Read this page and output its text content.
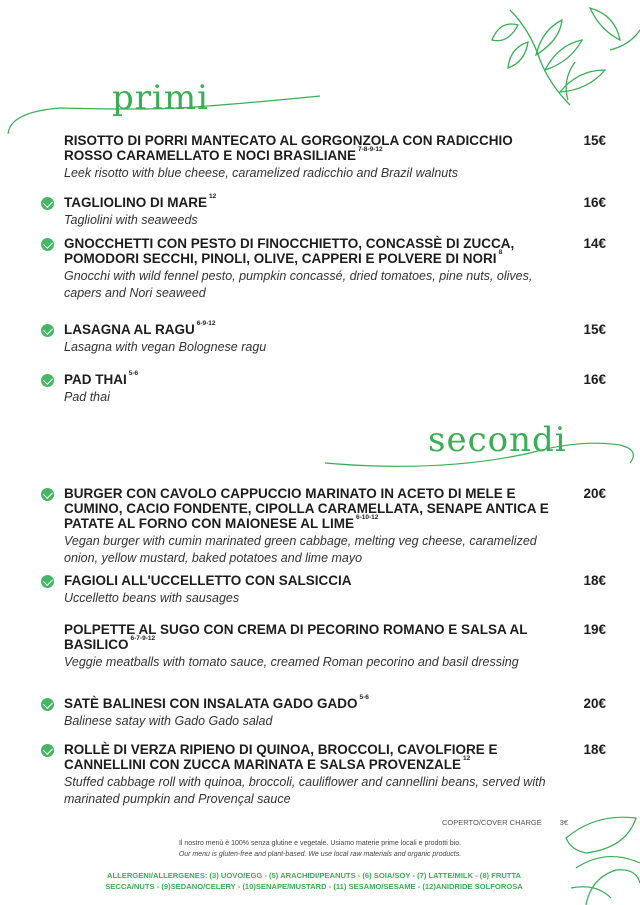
primi
RISOTTO DI PORRI MANTECATO AL GORGONZOLA CON RADICCHIO ROSSO CARAMELLATO E NOCI BRASILIANE $^{7-8-9-12}$
Leek risotto with blue cheese, caramelized radicchio and Brazil walnuts
15€
TAGLIOLINO DI MARE $^{12}$
Tagliolini with seaweeds
16€
GNOCCHETTI CON PESTO DI FINOCCHIETTO, CONCASSÈ DI ZUCCA, POMODORI SECCHI, PINOLI, OLIVE, CAPPERI E POLVERE DI NORI $^8$
Gnocchi with wild fennel pesto, pumpkin concassé, dried tomatoes, pine nuts, olives, capers and Nori seaweed
14€
LASAGNA AL RAGU $^{6-9-12}$
Lasagna with vegan Bolognese ragu
15€
PAD THAI $^{5-6}$
Pad thai
16€
secondi
BURGER CON CAVOLO CAPPUCCIO MARINATO IN ACETO DI MELE E CUMINO, CACIO FONDENTE, CIPOLLA CARAMELLATA, SENAPE ANTICA E PATATE AL FORNO CON MAIONESE AL LIME $^{6-10-12}$
Vegan burger with cumin marinated green cabbage, melting veg cheese, caramelized onion, yellow mustard, baked potatoes and lime mayo
20€
FAGIOLI ALL'UCCELLETTO CON SALSICCIA
Uccelletto beans with sausages
18€
POLPETTE AL SUGO CON CREMA DI PECORINO ROMANO E SALSA AL BASILICO $^{6-7-9-12}$
Veggie meatballs with tomato sauce, creamed Roman pecorino and basil dressing
19€
SATÈ BALINESI CON INSALATA GADO GADO $^{5-6}$
Balinese satay with Gado Gado salad
20€
ROLLÈ DI VERZA RIPIENO DI QUINOA, BROCCOLI, CAVOLFIORE E CANNELLINI CON ZUCCA MARINATA E SALSA PROVENZALE $^{12}$
Stuffed cabbage roll with quinoa, broccoli, cauliflower and cannellini beans, served with marinated pumpkin and Provençal sauce
18€
COPERTO/COVER CHARGE 3€
Il nostro menù è 100% senza glutine e vegetale. Usiamo materie prime locali e prodotti bio.
Our menu is gluten-free and plant-based. We use local raw materials and organic products.
ALLERGENI/ALLERGENES: (3) UOVO/EGG - (5) ARACHIDI/PEANUTS - (6) SOIA/SOY - (7) LATTE/MILK - (8) FRUTTA
SECCA/NUTS - (9)SEDANO/CELERY - (10)SENAPE/MUSTARD - (11) SESAMO/SESAME - (12)ANIDRIDE SOLFOROSA
